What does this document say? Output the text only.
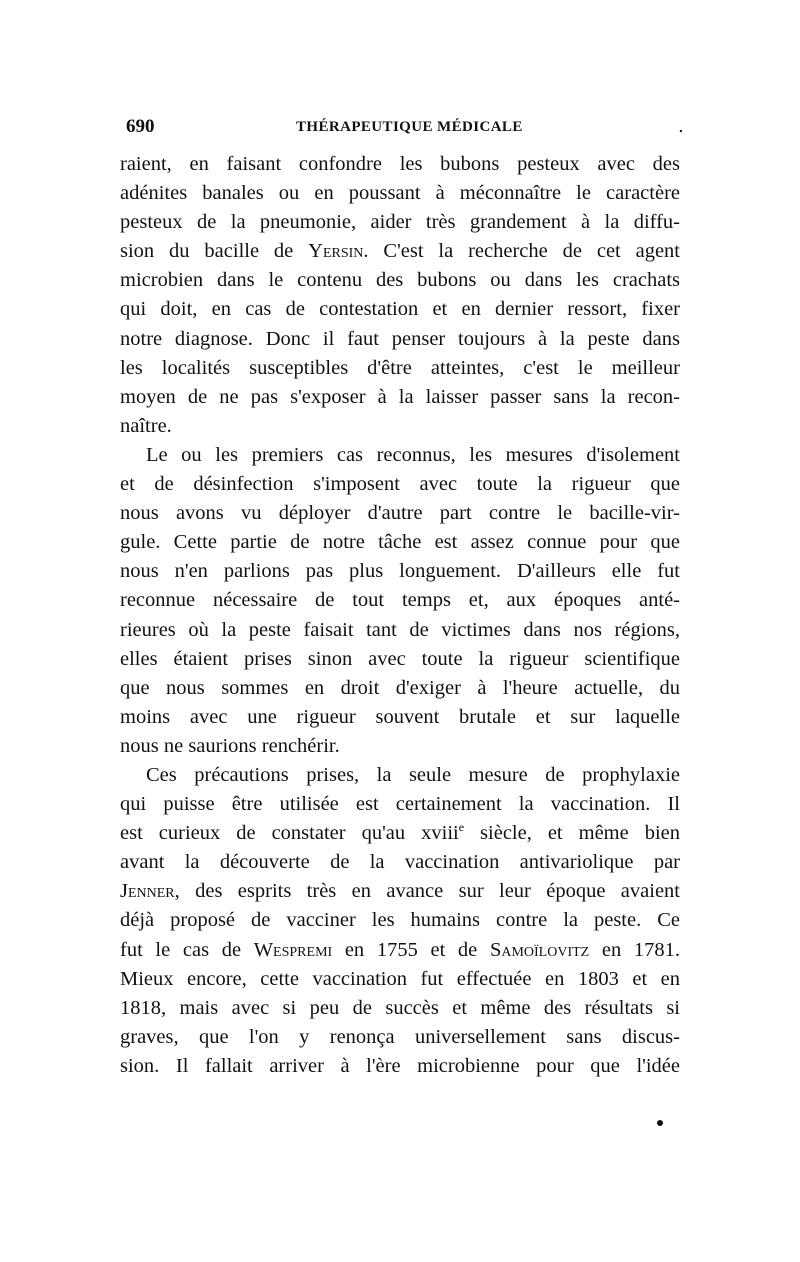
690	THÉRAPEUTIQUE MÉDICALE	.
raient, en faisant confondre les bubons pesteux avec des
adénites banales ou en poussant à méconnaître le caractère
pesteux de la pneumonie, aider très grandement à la diffu-
sion du bacille de Yersin. C'est la recherche de cet agent
microbien dans le contenu des bubons ou dans les crachats
qui doit, en cas de contestation et en dernier ressort, fixer
notre diagnose. Donc il faut penser toujours à la peste dans
les localités susceptibles d'être atteintes, c'est le meilleur
moyen de ne pas s'exposer à la laisser passer sans la recon-
naître.
Le ou les premiers cas reconnus, les mesures d'isolement
et de désinfection s'imposent avec toute la rigueur que
nous avons vu déployer d'autre part contre le bacille-vir-
gule. Cette partie de notre tâche est assez connue pour que
nous n'en parlions pas plus longuement. D'ailleurs elle fut
reconnue nécessaire de tout temps et, aux époques anté-
rieures où la peste faisait tant de victimes dans nos régions,
elles étaient prises sinon avec toute la rigueur scientifique
que nous sommes en droit d'exiger à l'heure actuelle, du
moins avec une rigueur souvent brutale et sur laquelle
nous ne saurions renchérir.
Ces précautions prises, la seule mesure de prophylaxie
qui puisse être utilisée est certainement la vaccination. Il
est curieux de constater qu'au xviii$^e$ siècle, et même bien
avant la découverte de la vaccination antivariolique par
Jenner, des esprits très en avance sur leur époque avaient
déjà proposé de vacciner les humains contre la peste. Ce
fut le cas de Wespremi en 1755 et de Samoïlovitz en 1781.
Mieux encore, cette vaccination fut effectuée en 1803 et en
1818, mais avec si peu de succès et même des résultats si
graves, que l'on y renonça universellement sans discus-
sion. Il fallait arriver à l'ère microbienne pour que l'idée
